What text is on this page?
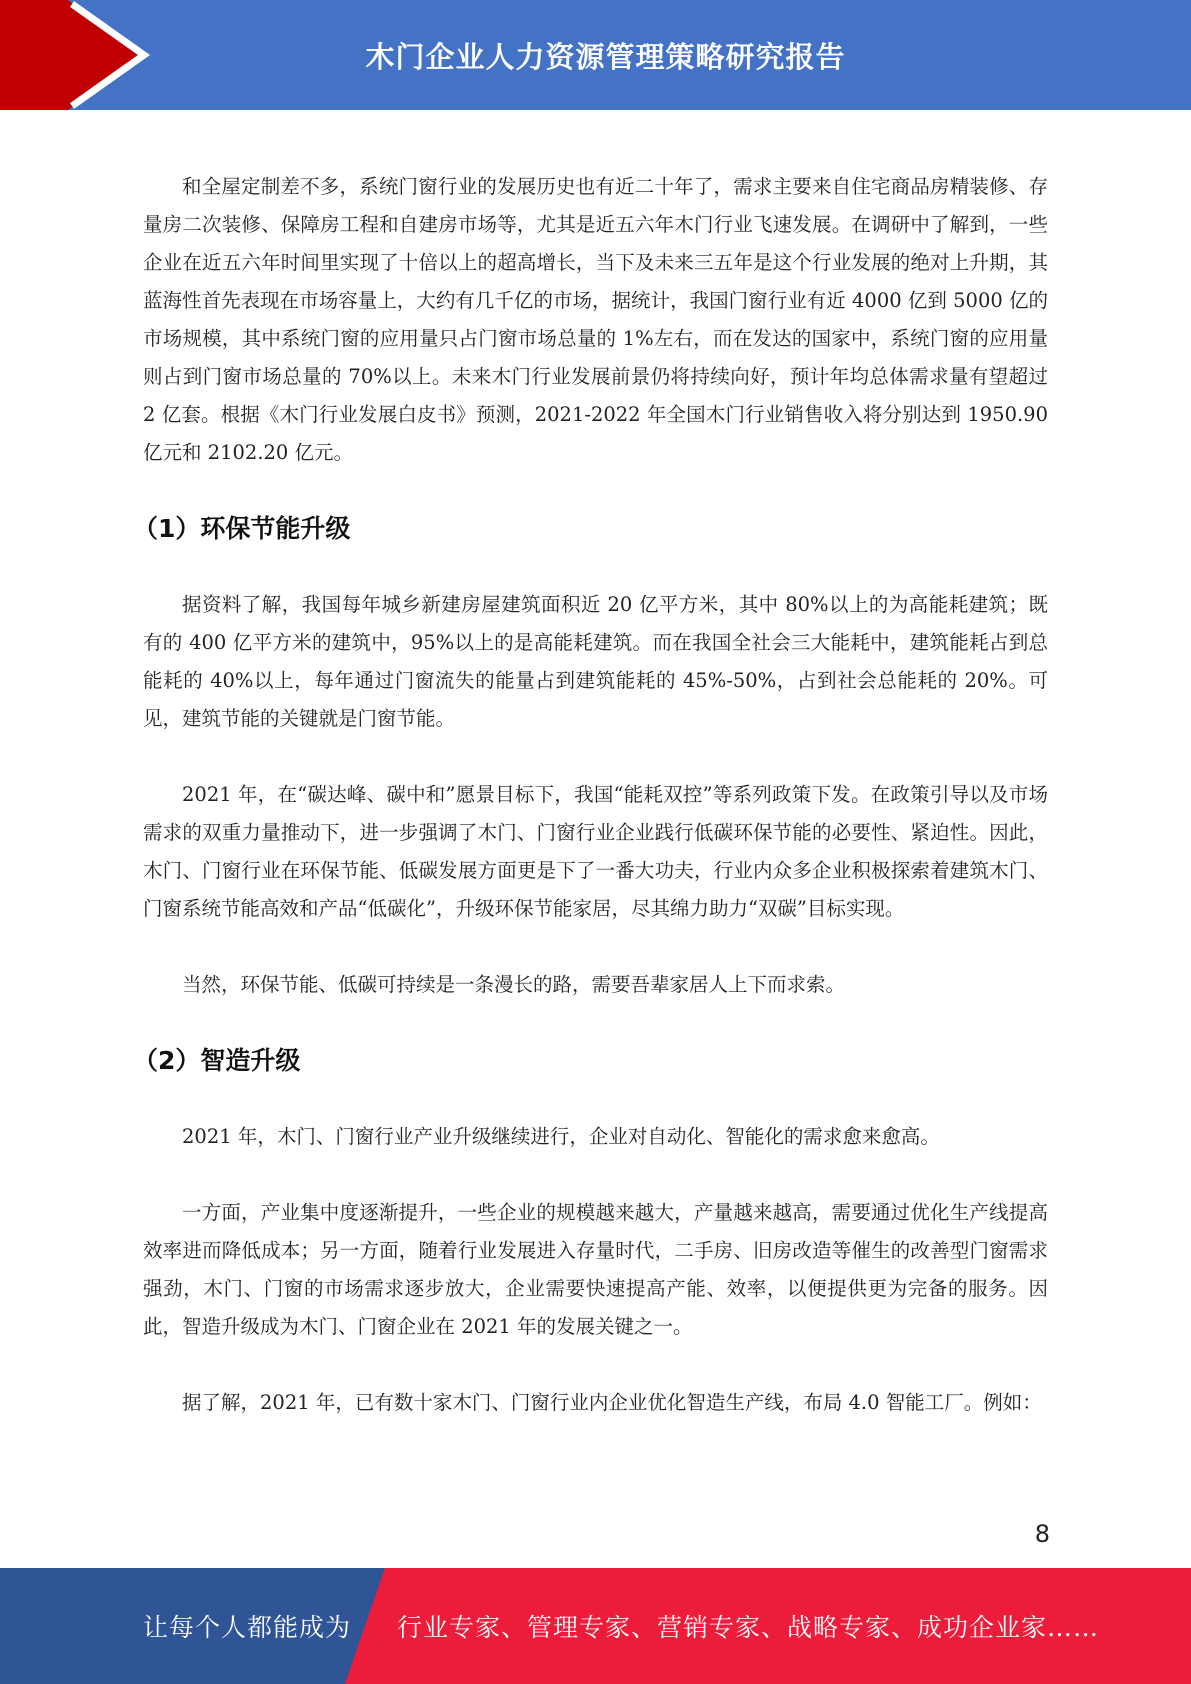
木门企业人力资源管理策略研究报告

和全屋定制差不多，系统门窗行业的发展历史也有近二十年了，需求主要来自住宅商品房精装修、存量房二次装修、保障房工程和自建房市场等，尤其是近五六年木门行业飞速发展。在调研中了解到，一些企业在近五六年时间里实现了十倍以上的超高增长，当下及未来三五年是这个行业发展的绝对上升期，其蓝海性首先表现在市场容量上，大约有几千亿的市场，据统计，我国门窗行业有近 4000 亿到 5000 亿的市场规模，其中系统门窗的应用量只占门窗市场总量的 1%左右，而在发达的国家中，系统门窗的应用量则占到门窗市场总量的 70%以上。未来木门行业发展前景仍将持续向好，预计年均总体需求量有望超过 2 亿套。根据《木门行业发展白皮书》预测，2021-2022 年全国木门行业销售收入将分别达到 1950.90 亿元和 2102.20 亿元。

（1）环保节能升级

据资料了解，我国每年城乡新建房屋建筑面积近 20 亿平方米，其中 80%以上的为高能耗建筑；既有的 400 亿平方米的建筑中，95%以上的是高能耗建筑。而在我国全社会三大能耗中，建筑能耗占到总能耗的 40%以上，每年通过门窗流失的能量占到建筑能耗的 45%-50%，占到社会总能耗的 20%。可见，建筑节能的关键就是门窗节能。

2021 年，在“碳达峰、碳中和”愿景目标下，我国“能耗双控”等系列政策下发。在政策引导以及市场需求的双重力量推动下，进一步强调了木门、门窗行业企业践行低碳环保节能的必要性、紧迫性。因此，木门、门窗行业在环保节能、低碳发展方面更是下了一番大功夫，行业内众多企业积极探索着建筑木门、门窗系统节能高效和产品“低碳化”，升级环保节能家居，尽其绵力助力“双碳”目标实现。

当然，环保节能、低碳可持续是一条漫长的路，需要吾辈家居人上下而求索。

（2）智造升级

2021 年，木门、门窗行业产业升级继续进行，企业对自动化、智能化的需求愈来愈高。

一方面，产业集中度逐渐提升，一些企业的规模越来越大，产量越来越高，需要通过优化生产线提高效率进而降低成本；另一方面，随着行业发展进入存量时代，二手房、旧房改造等催生的改善型门窗需求强劲，木门、门窗的市场需求逐步放大，企业需要快速提高产能、效率，以便提供更为完备的服务。因此，智造升级成为木门、门窗企业在 2021 年的发展关键之一。

据了解，2021 年，已有数十家木门、门窗行业内企业优化智造生产线，布局 4.0 智能工厂。例如：

8
让每个人都能成为 行业专家、管理专家、营销专家、战略专家、成功企业家……
